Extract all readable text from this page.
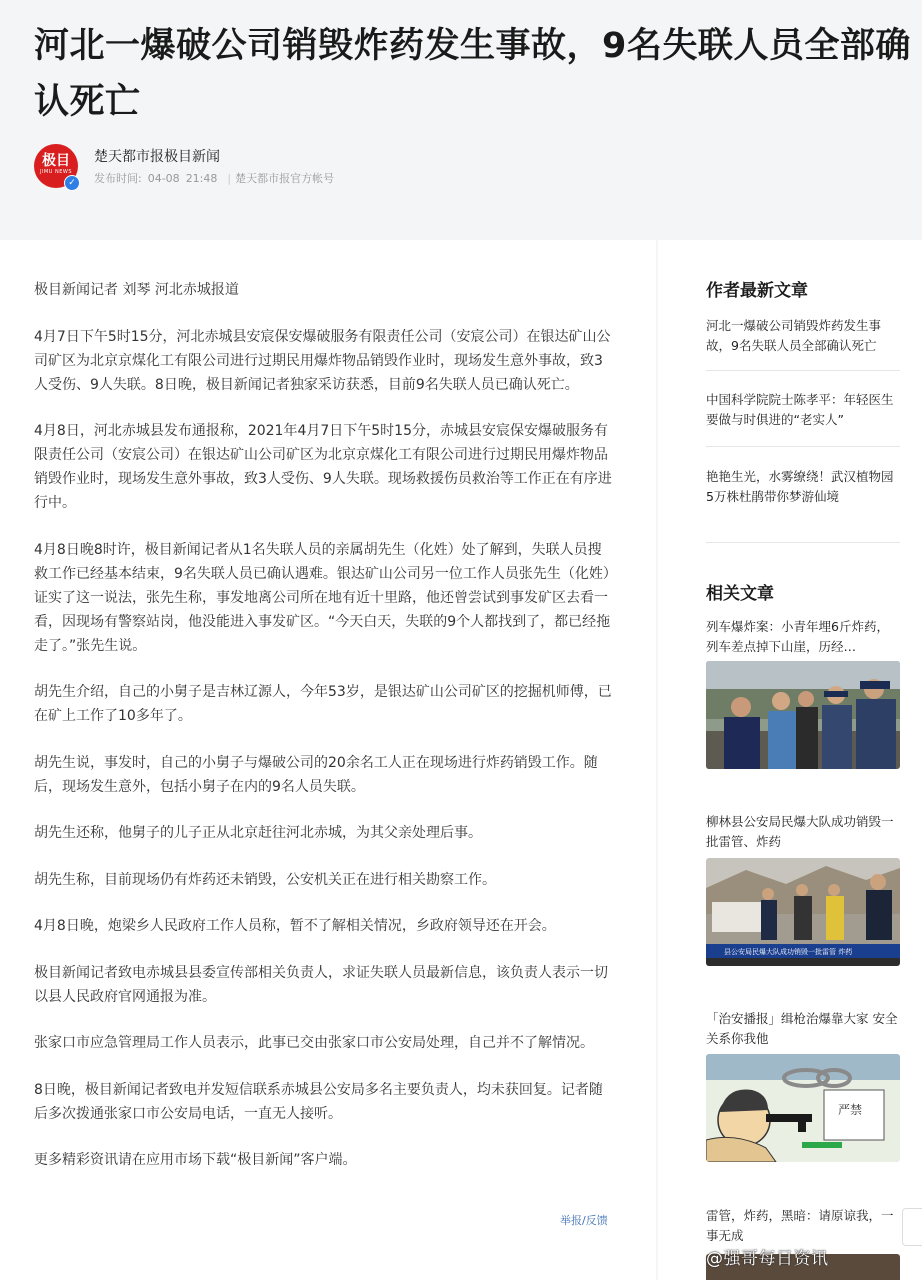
河北一爆破公司销毁炸药发生事故，9名失联人员全部确认死亡
极目
JIMU NEWS
✓
楚天都市报极目新闻
发布时间: 04-08 21:48 | 楚天都市报官方帐号

极目新闻记者 刘琴 河北赤城报道

4月7日下午5时15分，河北赤城县安宸保安爆破服务有限责任公司（安宸公司）在银达矿山公司矿区为北京京煤化工有限公司进行过期民用爆炸物品销毁作业时，现场发生意外事故，致3人受伤、9人失联。8日晚，极目新闻记者独家采访获悉，目前9名失联人员已确认死亡。

4月8日，河北赤城县发布通报称，2021年4月7日下午5时15分，赤城县安宸保安爆破服务有限责任公司（安宸公司）在银达矿山公司矿区为北京京煤化工有限公司进行过期民用爆炸物品销毁作业时，现场发生意外事故，致3人受伤、9人失联。现场救援伤员救治等工作正在有序进行中。

4月8日晚8时许，极目新闻记者从1名失联人员的亲属胡先生（化姓）处了解到，失联人员搜救工作已经基本结束，9名失联人员已确认遇难。银达矿山公司另一位工作人员张先生（化姓）证实了这一说法，张先生称，事发地离公司所在地有近十里路，他还曾尝试到事发矿区去看一看，因现场有警察站岗，他没能进入事发矿区。“今天白天，失联的9个人都找到了，都已经拖走了。”张先生说。

胡先生介绍，自己的小舅子是吉林辽源人，今年53岁，是银达矿山公司矿区的挖掘机师傅，已在矿上工作了10多年了。

胡先生说，事发时，自己的小舅子与爆破公司的20余名工人正在现场进行炸药销毁工作。随后，现场发生意外，包括小舅子在内的9名人员失联。

胡先生还称，他舅子的儿子正从北京赶往河北赤城，为其父亲处理后事。

胡先生称，目前现场仍有炸药还未销毁，公安机关正在进行相关勘察工作。

4月8日晚，炮梁乡人民政府工作人员称，暂不了解相关情况，乡政府领导还在开会。

极目新闻记者致电赤城县县委宣传部相关负责人，求证失联人员最新信息，该负责人表示一切以县人民政府官网通报为准。

张家口市应急管理局工作人员表示，此事已交由张家口市公安局处理，自己并不了解情况。

8日晚，极目新闻记者致电并发短信联系赤城县公安局多名主要负责人，均未获回复。记者随后多次拨通张家口市公安局电话，一直无人接听。

更多精彩资讯请在应用市场下载“极目新闻”客户端。

举报/反馈
作者最新文章
河北一爆破公司销毁炸药发生事故，9名失联人员全部确认死亡
中国科学院院士陈孝平：年轻医生要做与时俱进的“老实人”
艳艳生光，水雾缭绕！武汉植物园5万株杜鹃带你梦游仙境
相关文章
列车爆炸案：小青年埋6斤炸药，列车差点掉下山崖，历经…
柳林县公安局民爆大队成功销毁一批雷管、炸药
县公安局民爆大队成功销毁一批雷管 炸药
「治安播报」缉枪治爆靠大家 安全关系你我他
严禁
雷管，炸药，黑暗：请原谅我，一事无成
@强哥每日资讯
